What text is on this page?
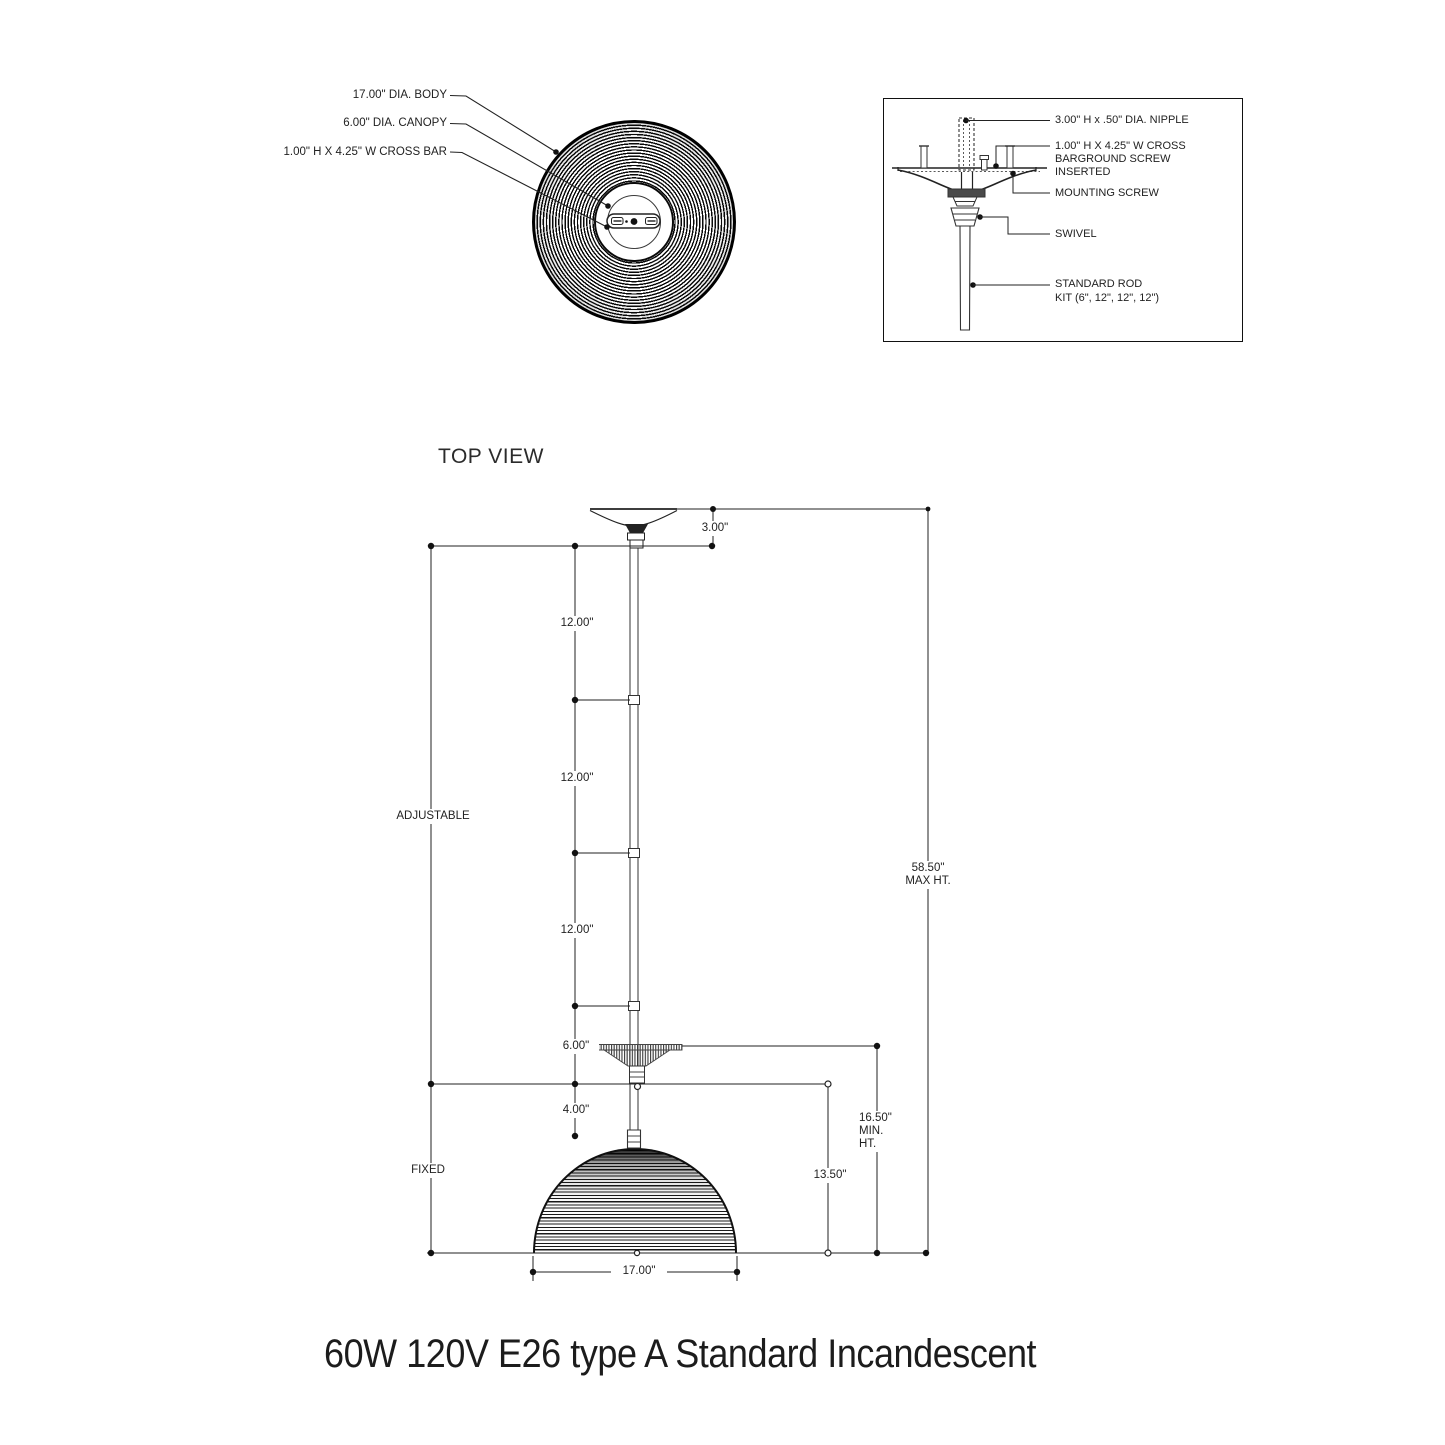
17.00" DIA. BODY
6.00" DIA. CANOPY
1.00" H X 4.25" W CROSS BAR
3.00" H x .50" DIA. NIPPLE
1.00" H X 4.25" W CROSS
BARGROUND SCREW
INSERTED
MOUNTING SCREW
SWIVEL
STANDARD ROD
KIT (6", 12", 12", 12")
TOP VIEW
3.00"
12.00"
12.00"
12.00"
6.00"
4.00"
ADJUSTABLE
FIXED	13.50"
16.50"
MIN.
HT.
58.50"
MAX HT.
17.00"
60W 120V E26 type A Standard Incandescent
